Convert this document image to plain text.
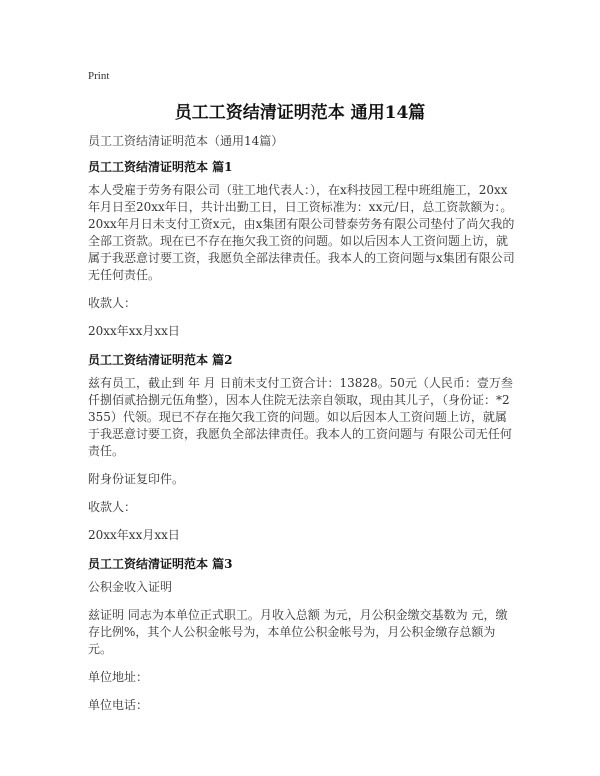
Print
员工工资结清证明范本 通用14篇
员工工资结清证明范本（通用14篇）
员工工资结清证明范本 篇1
本人受雇于劳务有限公司（驻工地代表人：），在x科技园工程中班组施工，20xx年月日至20xx年日，共计出勤工日，日工资标准为：xx元/日，总工资款额为：。20xx年月日未支付工资x元，由x集团有限公司替泰劳务有限公司垫付了尚欠我的全部工资款。现在已不存在拖欠我工资的问题。如以后因本人工资问题上访，就属于我恶意讨要工资，我愿负全部法律责任。我本人的工资问题与x集团有限公司无任何责任。
收款人：
20xx年xx月xx日
员工工资结清证明范本 篇2
兹有员工，截止到 年 月 日前未支付工资合计：13828。50元（人民币：壹万叁仟捌佰贰拾捌元伍角整），因本人住院无法亲自领取，现由其儿子，（身份证：*2355）代领。现已不存在拖欠我工资的问题。如以后因本人工资问题上访，就属于我恶意讨要工资，我愿负全部法律责任。我本人的工资问题与 有限公司无任何责任。
附身份证复印件。
收款人：
20xx年xx月xx日
员工工资结清证明范本 篇3
公积金收入证明
兹证明 同志为本单位正式职工。月收入总额 为元，月公积金缴交基数为 元，缴存比例%，其个人公积金帐号为，本单位公积金帐号为，月公积金缴存总额为 元。
单位地址：
单位电话：
